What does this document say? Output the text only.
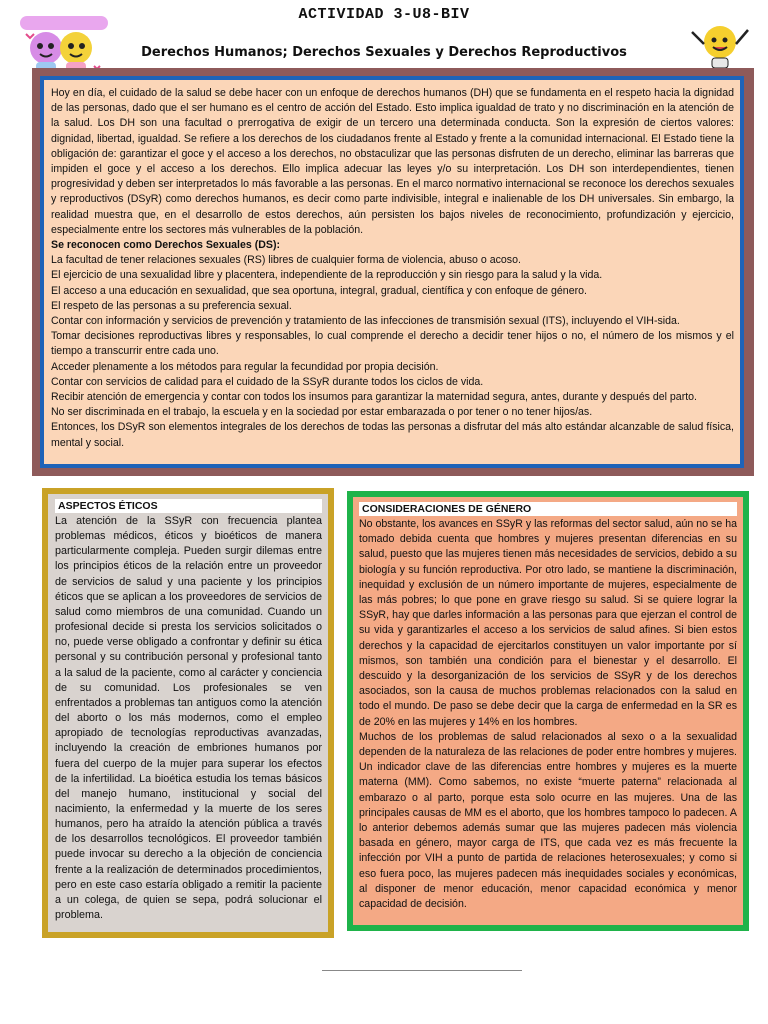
ACTIVIDAD 3-U8-BIV
Derechos Humanos; Derechos Sexuales y Derechos Reproductivos

Hoy en día, el cuidado de la salud se debe hacer con un enfoque de derechos humanos (DH) que se fundamenta en el respeto hacia la dignidad de las personas, dado que el ser humano es el centro de acción del Estado. Esto implica igualdad de trato y no discriminación en la atención de la salud. Los DH son una facultad o prerrogativa de exigir de un tercero una determinada conducta. Son la expresión de ciertos valores: dignidad, libertad, igualdad. Se refiere a los derechos de los ciudadanos frente al Estado y frente a la comunidad internacional. El Estado tiene la obligación de: garantizar el goce y el acceso a los derechos, no obstaculizar que las personas disfruten de un derecho, eliminar las barreras que impiden el goce y el acceso a los derechos. Ello implica adecuar las leyes y/o su interpretación. Los DH son interdependientes, tienen progresividad y deben ser interpretados lo más favorable a las personas. En el marco normativo internacional se reconoce los derechos sexuales y reproductivos (DSyR) como derechos humanos, es decir como parte indivisible, integral e inalienable de los DH universales. Sin embargo, la realidad muestra que, en el desarrollo de estos derechos, aún persisten los bajos niveles de reconocimiento, profundización y ejercicio, especialmente entre los sectores más vulnerables de la población.

Se reconocen como Derechos Sexuales (DS):

La facultad de tener relaciones sexuales (RS) libres de cualquier forma de violencia, abuso o acoso.

El ejercicio de una sexualidad libre y placentera, independiente de la reproducción y sin riesgo para la salud y la vida.

El acceso a una educación en sexualidad, que sea oportuna, integral, gradual, científica y con enfoque de género.

El respeto de las personas a su preferencia sexual.

Contar con información y servicios de prevención y tratamiento de las infecciones de transmisión sexual (ITS), incluyendo el VIH-sida.

Tomar decisiones reproductivas libres y responsables, lo cual comprende el derecho a decidir tener hijos o no, el número de los mismos y el tiempo a transcurrir entre cada uno.

Acceder plenamente a los métodos para regular la fecundidad por propia decisión.

Contar con servicios de calidad para el cuidado de la SSyR durante todos los ciclos de vida.

Recibir atención de emergencia y contar con todos los insumos para garantizar la maternidad segura, antes, durante y después del parto.

No ser discriminada en el trabajo, la escuela y en la sociedad por estar embarazada o por tener o no tener hijos/as.

Entonces, los DSyR son elementos integrales de los derechos de todas las personas a disfrutar del más alto estándar alcanzable de salud física, mental y social.

ASPECTOS ÉTICOS

La atención de la SSyR con frecuencia plantea problemas médicos, éticos y bioéticos de manera particularmente compleja. Pueden surgir dilemas entre los principios éticos de la relación entre un proveedor de servicios de salud y una paciente y los principios éticos que se aplican a los proveedores de servicios de salud como miembros de una comunidad. Cuando un profesional decide si presta los servicios solicitados o no, puede verse obligado a confrontar y definir su ética personal y su contribución personal y profesional tanto a la salud de la paciente, como al carácter y conciencia de su comunidad. Los profesionales se ven enfrentados a problemas tan antiguos como la atención del aborto o los más modernos, como el empleo apropiado de tecnologías reproductivas avanzadas, incluyendo la creación de embriones humanos por fuera del cuerpo de la mujer para superar los efectos de la infertilidad. La bioética estudia los temas básicos del manejo humano, institucional y social del nacimiento, la enfermedad y la muerte de los seres humanos, pero ha atraído la atención pública a través de los desarrollos tecnológicos. El proveedor también puede invocar su derecho a la objeción de conciencia frente a la realización de determinados procedimientos, pero en este caso estaría obligado a remitir la paciente a un colega, de quien se sepa, podrá solucionar el problema.

CONSIDERACIONES DE GÉNERO

No obstante, los avances en SSyR y las reformas del sector salud, aún no se ha tomado debida cuenta que hombres y mujeres presentan diferencias en su salud, puesto que las mujeres tienen más necesidades de servicios, debido a su biología y su función reproductiva. Por otro lado, se mantiene la discriminación, inequidad y exclusión de un número importante de mujeres, especialmente de las más pobres; lo que pone en grave riesgo su salud. Si se quiere lograr la SSyR, hay que darles información a las personas para que ejerzan el control de su vida y garantizarles el acceso a los servicios de salud afines. Si bien estos derechos y la capacidad de ejercitarlos constituyen un valor importante por sí mismos, son también una condición para el bienestar y el desarrollo. El descuido y la desorganización de los servicios de SSyR y de los derechos asociados, son la causa de muchos problemas relacionados con la salud en todo el mundo. De paso se debe decir que la carga de enfermedad en la SR es de 20% en las mujeres y 14% en los hombres.

Muchos de los problemas de salud relacionados al sexo o a la sexualidad dependen de la naturaleza de las relaciones de poder entre hombres y mujeres. Un indicador clave de las diferencias entre hombres y mujeres es la muerte materna (MM). Como sabemos, no existe “muerte paterna” relacionada al embarazo o al parto, porque esta solo ocurre en las mujeres. Una de las principales causas de MM es el aborto, que los hombres tampoco lo padecen. A lo anterior debemos además sumar que las mujeres padecen más violencia basada en género, mayor carga de ITS, que cada vez es más frecuente la infección por VIH a punto de partida de relaciones heterosexuales; y como si eso fuera poco, las mujeres padecen más inequidades sociales y económicas, al disponer de menor educación, menor capacidad económica y menor capacidad de decisión.
